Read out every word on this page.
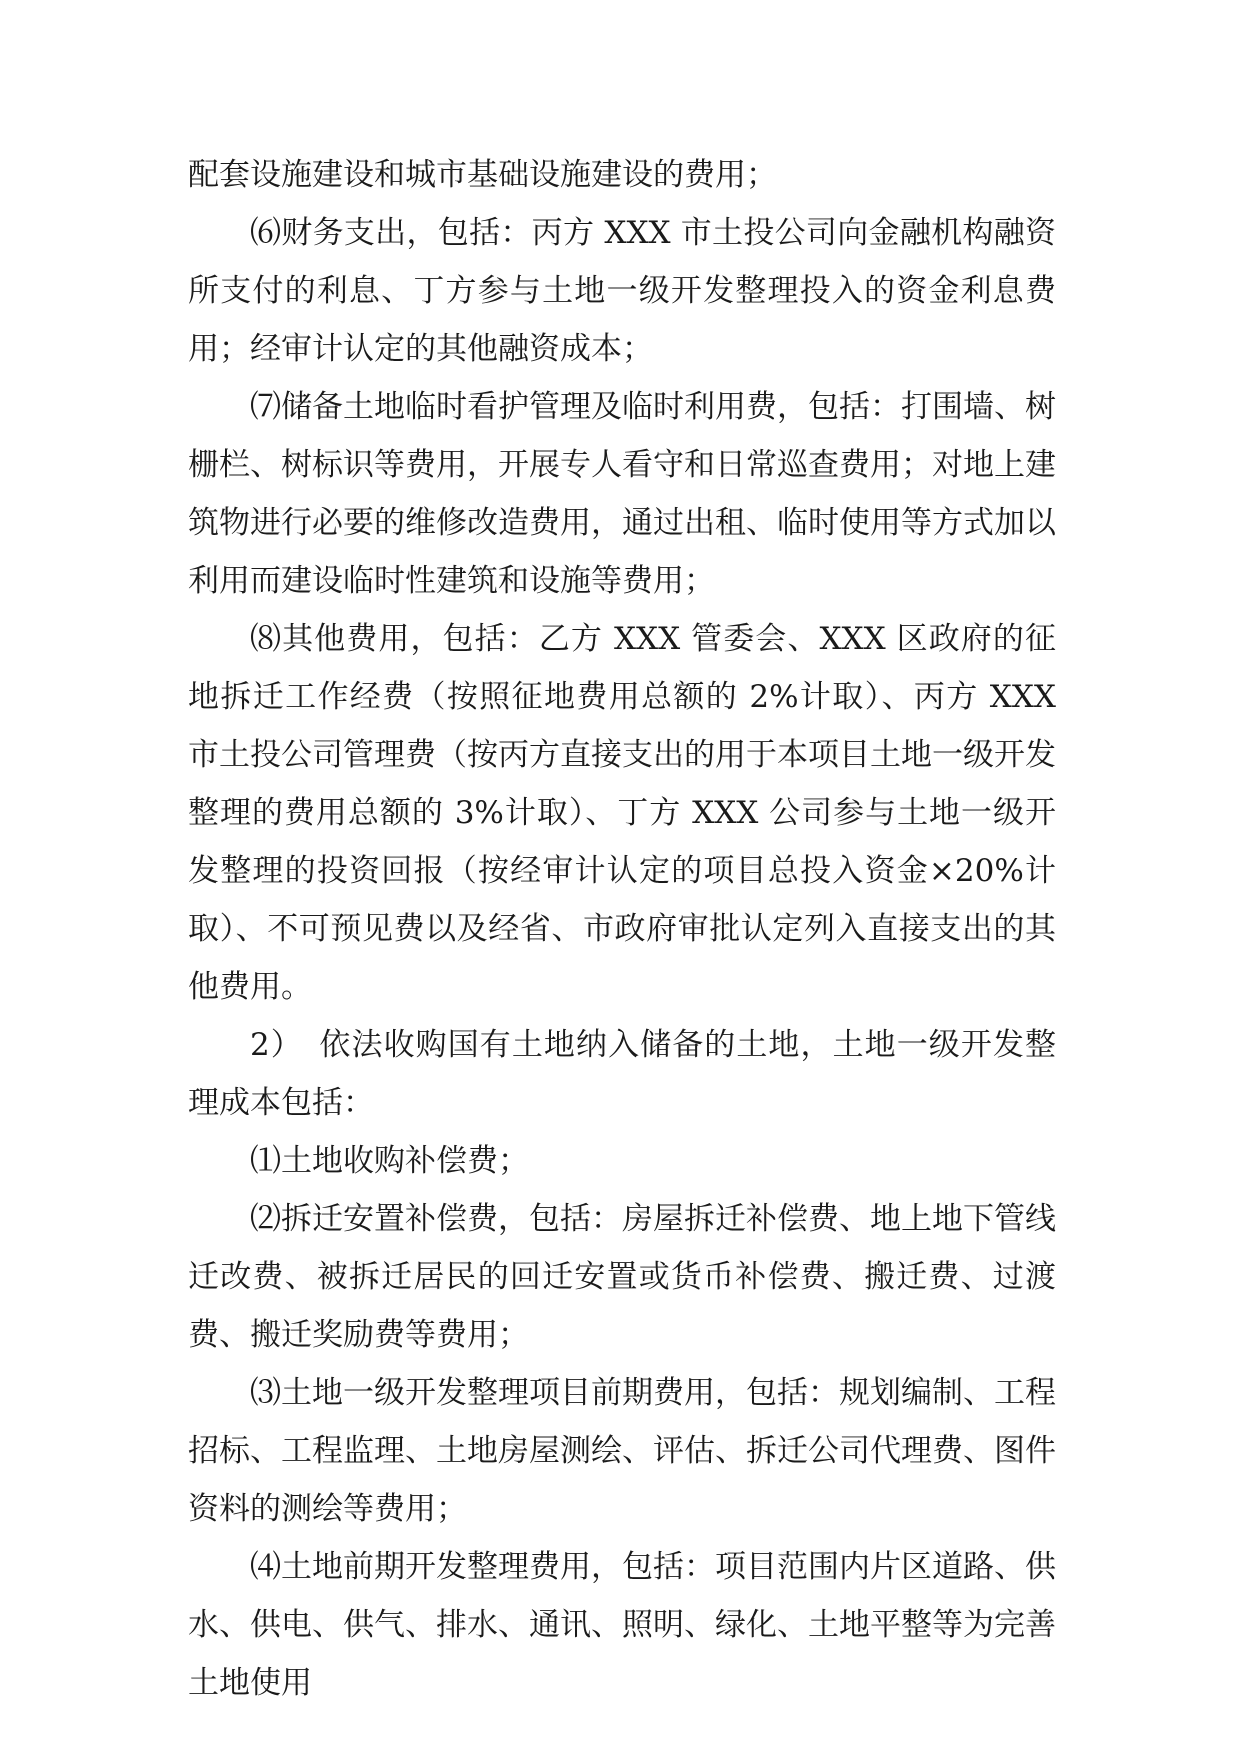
配套设施建设和城市基础设施建设的费用；

⑹财务支出，包括：丙方 XXX 市土投公司向金融机构融资所支付的利息、丁方参与土地一级开发整理投入的资金利息费用；经审计认定的其他融资成本；

⑺储备土地临时看护管理及临时利用费，包括：打围墙、树栅栏、树标识等费用，开展专人看守和日常巡查费用；对地上建筑物进行必要的维修改造费用，通过出租、临时使用等方式加以利用而建设临时性建筑和设施等费用；

⑻其他费用，包括：乙方 XXX 管委会、XXX 区政府的征地拆迁工作经费（按照征地费用总额的 2%计取）、丙方 XXX 市土投公司管理费（按丙方直接支出的用于本项目土地一级开发整理的费用总额的 3%计取）、丁方 XXX 公司参与土地一级开发整理的投资回报（按经审计认定的项目总投入资金×20%计取）、不可预见费以及经省、市政府审批认定列入直接支出的其他费用。

2）　依法收购国有土地纳入储备的土地，土地一级开发整理成本包括：

⑴土地收购补偿费；

⑵拆迁安置补偿费，包括：房屋拆迁补偿费、地上地下管线迁改费、被拆迁居民的回迁安置或货币补偿费、搬迁费、过渡费、搬迁奖励费等费用；

⑶土地一级开发整理项目前期费用，包括：规划编制、工程招标、工程监理、土地房屋测绘、评估、拆迁公司代理费、图件资料的测绘等费用；

⑷土地前期开发整理费用，包括：项目范围内片区道路、供水、供电、供气、排水、通讯、照明、绿化、土地平整等为完善土地使用
